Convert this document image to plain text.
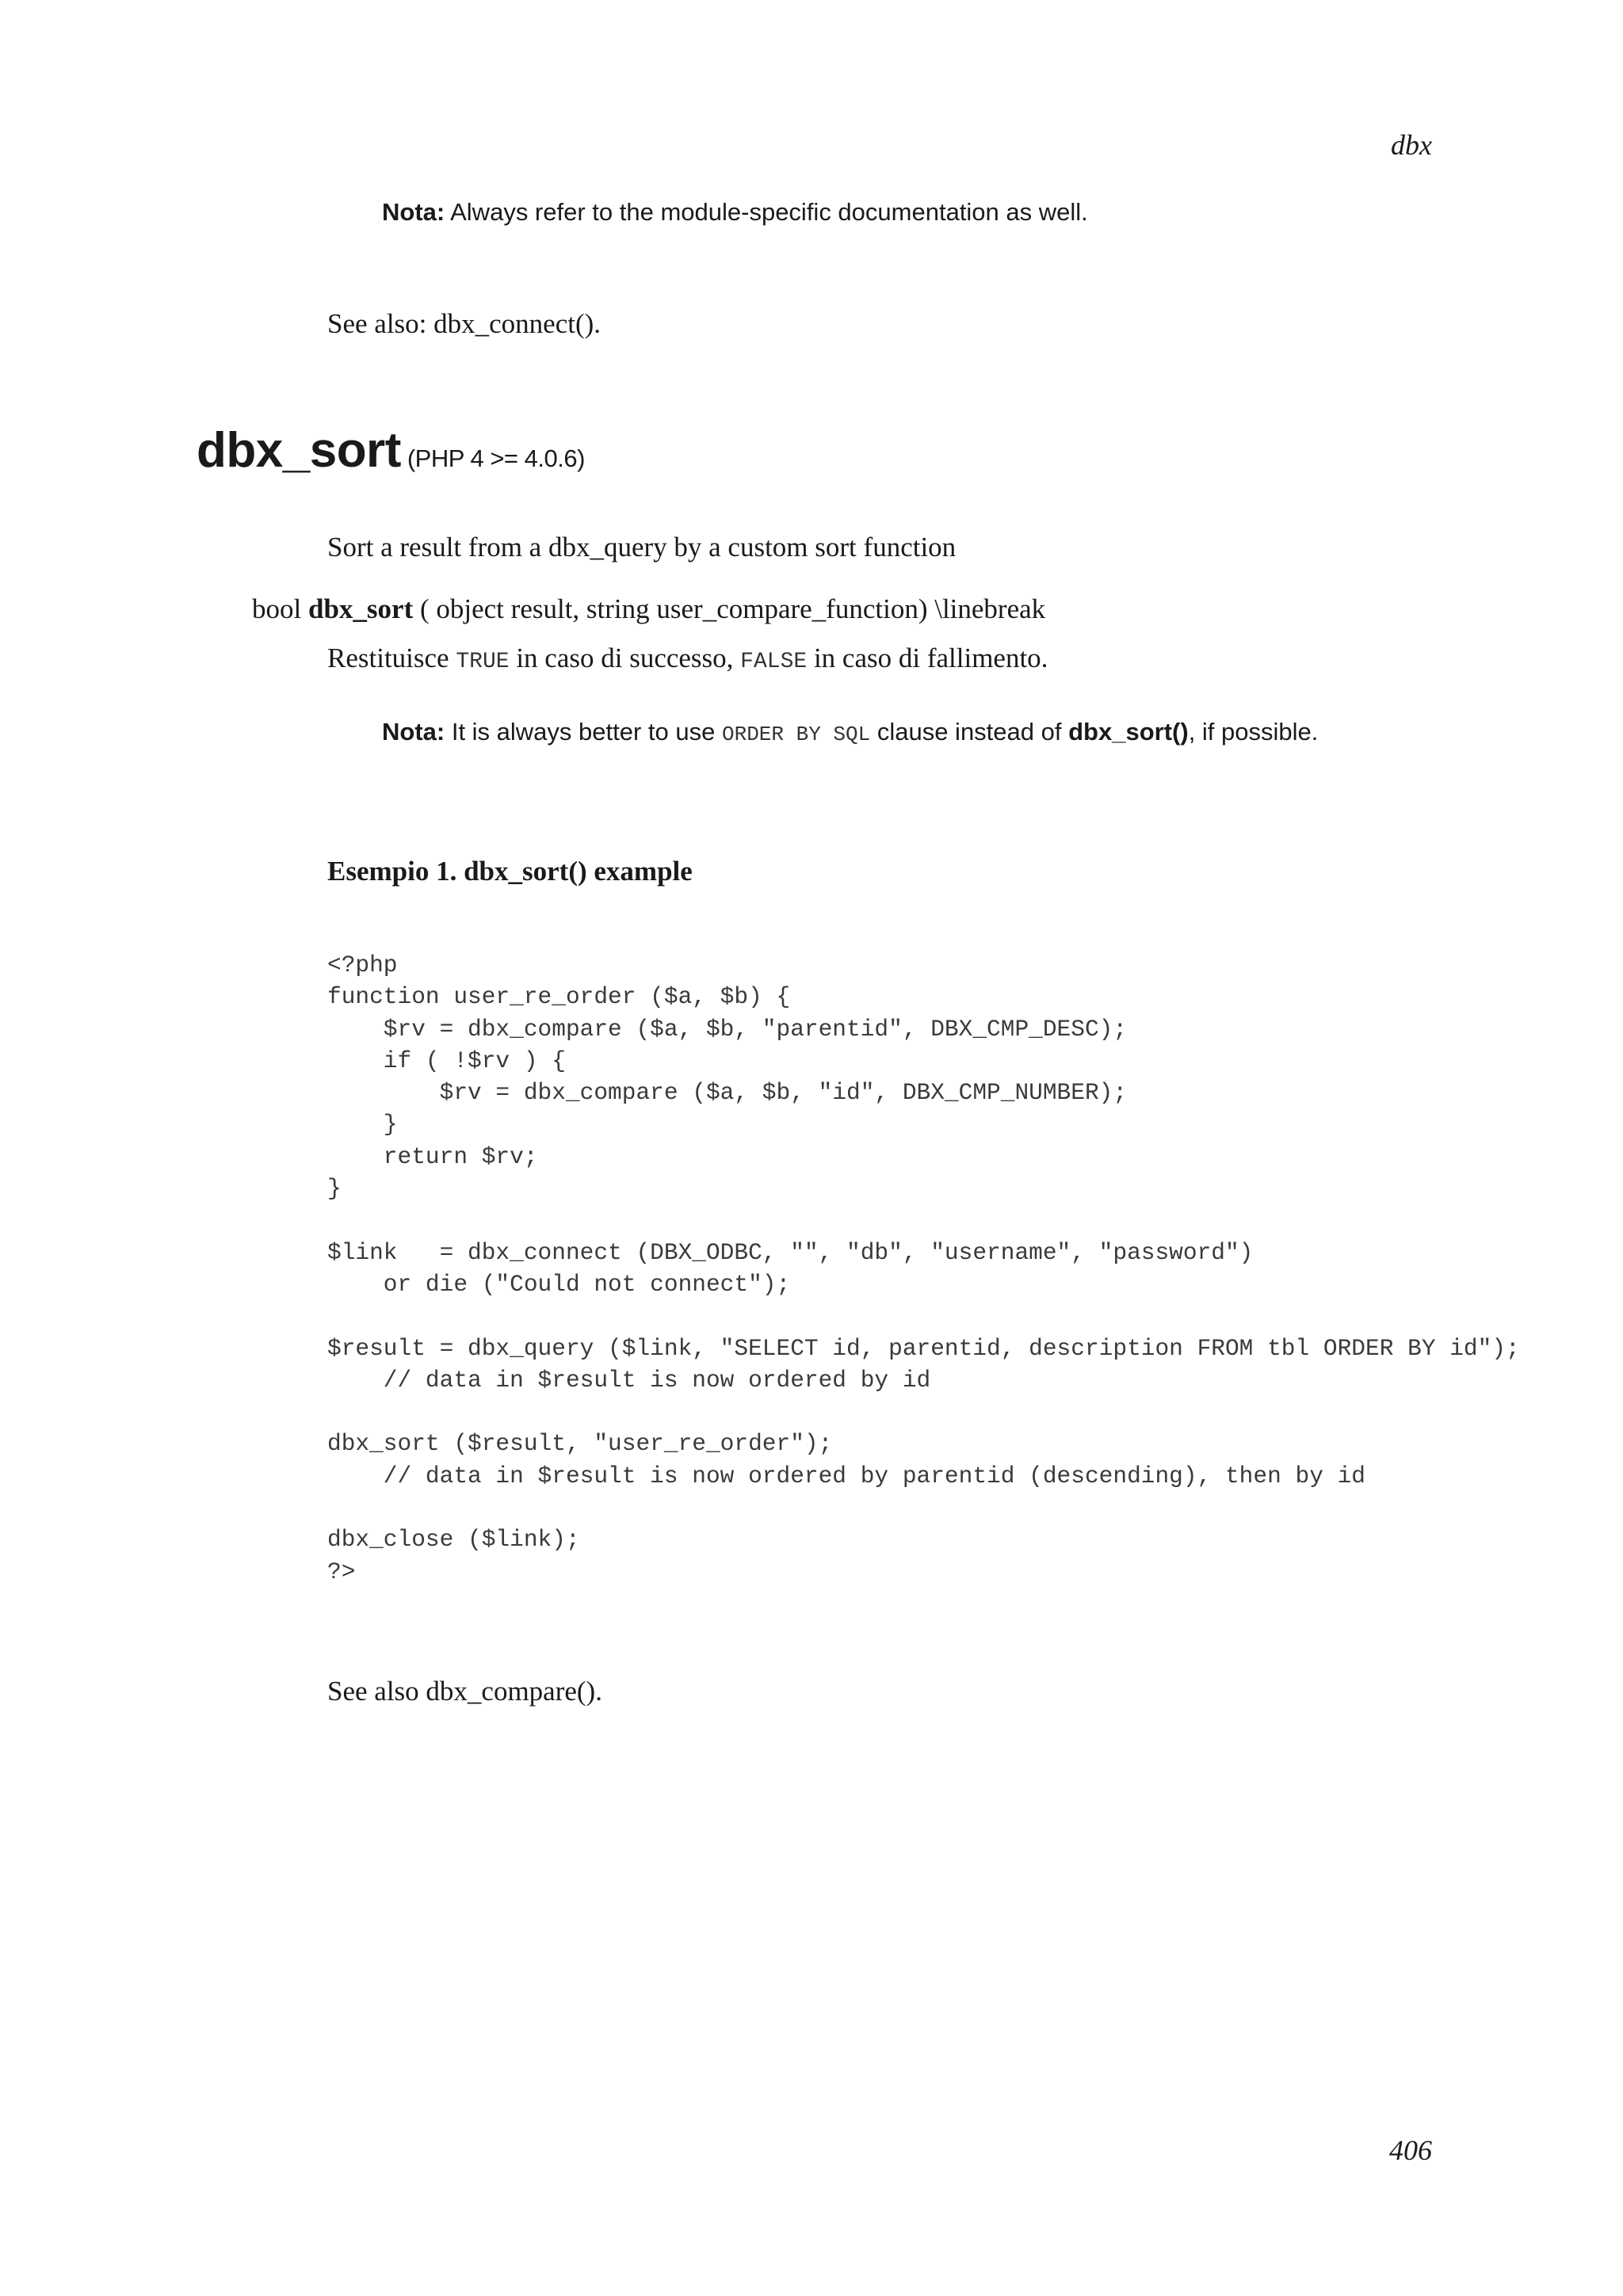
dbx
Nota: Always refer to the module-specific documentation as well.
See also: dbx_connect().
dbx_sort (PHP 4 >= 4.0.6)
Sort a result from a dbx_query by a custom sort function
bool dbx_sort ( object result, string user_compare_function) \linebreak
Restituisce TRUE in caso di successo, FALSE in caso di fallimento.
Nota: It is always better to use ORDER BY SQL clause instead of dbx_sort(), if possible.
Esempio 1. dbx_sort() example
<?php
function user_re_order ($a, $b) {
$rv = dbx_compare ($a, $b, "parentid", DBX_CMP_DESC);
if ( !$rv ) {
$rv = dbx_compare ($a, $b, "id", DBX_CMP_NUMBER);
}
return $rv;
}

$link   = dbx_connect (DBX_ODBC, "", "db", "username", "password")
or die ("Could not connect");

$result = dbx_query ($link, "SELECT id, parentid, description FROM tbl ORDER BY id");
// data in $result is now ordered by id

dbx_sort ($result, "user_re_order");
// data in $result is now ordered by parentid (descending), then by id

dbx_close ($link);
?>
See also dbx_compare().
406
